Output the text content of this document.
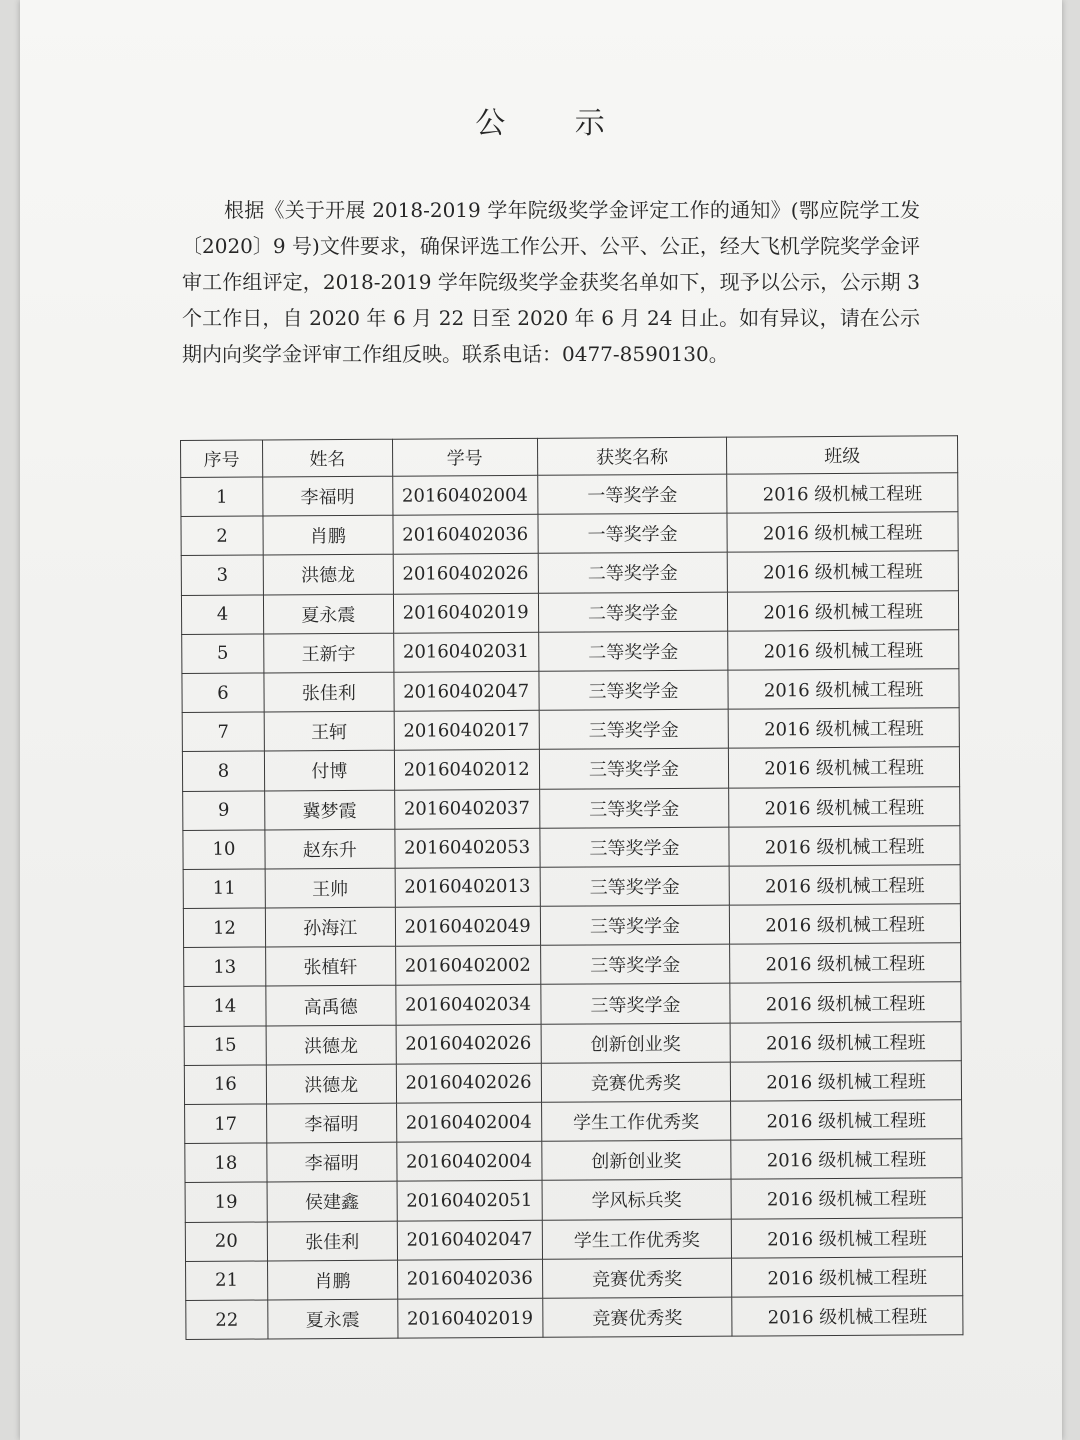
公 示

根据《关于开展 2018-2019 学年院级奖学金评定工作的通知》(鄂应院学工发〔2020〕9 号)文件要求，确保评选工作公开、公平、公正，经大飞机学院奖学金评审工作组评定，2018-2019 学年院级奖学金获奖名单如下，现予以公示，公示期 3 个工作日，自 2020 年 6 月 22 日至 2020 年 6 月 24 日止。如有异议，请在公示期内向奖学金评审工作组反映。联系电话：0477-8590130。

序号	姓名	学号	获奖名称	班级
1	李福明	20160402004	一等奖学金	2016 级机械工程班
2	肖鹏	20160402036	一等奖学金	2016 级机械工程班
3	洪德龙	20160402026	二等奖学金	2016 级机械工程班
4	夏永震	20160402019	二等奖学金	2016 级机械工程班
5	王新宇	20160402031	二等奖学金	2016 级机械工程班
6	张佳利	20160402047	三等奖学金	2016 级机械工程班
7	王轲	20160402017	三等奖学金	2016 级机械工程班
8	付博	20160402012	三等奖学金	2016 级机械工程班
9	冀梦霞	20160402037	三等奖学金	2016 级机械工程班
10	赵东升	20160402053	三等奖学金	2016 级机械工程班
11	王帅	20160402013	三等奖学金	2016 级机械工程班
12	孙海江	20160402049	三等奖学金	2016 级机械工程班
13	张植轩	20160402002	三等奖学金	2016 级机械工程班
14	高禹德	20160402034	三等奖学金	2016 级机械工程班
15	洪德龙	20160402026	创新创业奖	2016 级机械工程班
16	洪德龙	20160402026	竞赛优秀奖	2016 级机械工程班
17	李福明	20160402004	学生工作优秀奖	2016 级机械工程班
18	李福明	20160402004	创新创业奖	2016 级机械工程班
19	侯建鑫	20160402051	学风标兵奖	2016 级机械工程班
20	张佳利	20160402047	学生工作优秀奖	2016 级机械工程班
21	肖鹏	20160402036	竞赛优秀奖	2016 级机械工程班
22	夏永震	20160402019	竞赛优秀奖	2016 级机械工程班
